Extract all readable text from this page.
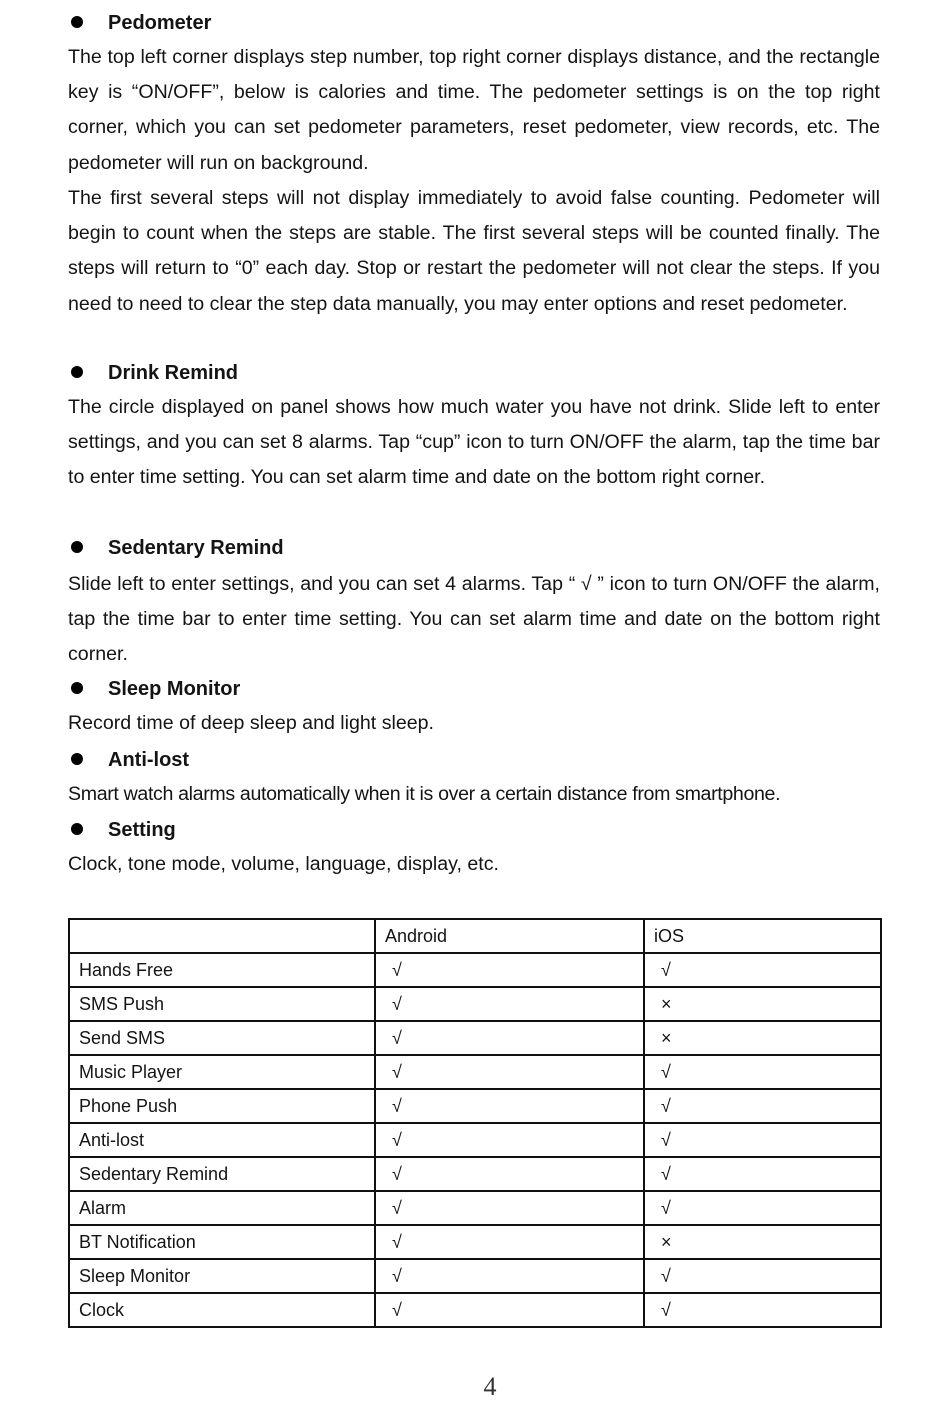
Pedometer
The top left corner displays step number, top right corner displays distance, and the rectangle key is “ON/OFF”, below is calories and time. The pedometer settings is on the top right corner, which you can set pedometer parameters, reset pedometer, view records, etc. The pedometer will run on background.
The first several steps will not display immediately to avoid false counting. Pedometer will begin to count when the steps are stable. The first several steps will be counted finally. The steps will return to “0” each day. Stop or restart the pedometer will not clear the steps. If you need to need to clear the step data manually, you may enter options and reset pedometer.
Drink Remind
The circle displayed on panel shows how much water you have not drink. Slide left to enter settings, and you can set 8 alarms. Tap “cup” icon to turn ON/OFF the alarm, tap the time bar to enter time setting. You can set alarm time and date on the bottom right corner.
Sedentary Remind
Slide left to enter settings, and you can set 4 alarms. Tap “ √ ” icon to turn ON/OFF the alarm, tap the time bar to enter time setting. You can set alarm time and date on the bottom right corner.
Sleep Monitor
Record time of deep sleep and light sleep.
Anti-lost
Smart watch alarms automatically when it is over a certain distance from smartphone.
Setting
Clock, tone mode, volume, language, display, etc.
	Android	iOS
Hands Free	√	√
SMS Push	√	×
Send SMS	√	×
Music Player	√	√
Phone Push	√	√
Anti-lost	√	√
Sedentary Remind	√	√
Alarm	√	√
BT Notification	√	×
Sleep Monitor	√	√
Clock	√	√
4
